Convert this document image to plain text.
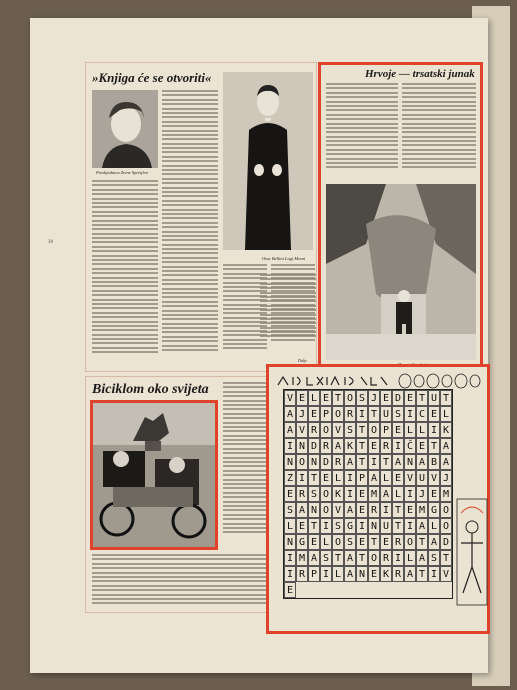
38
»Knjiga će se otvoriti«
Predsjednica Zeine Spreijlen
Otac Bellini Lugi Monti
Dalje
Hrvoje — trsatski junak
Biciklom oko svijeta
V E L E T O S J E D E T U T
A J E P O R I T U S I C E L
A V R O V S T O P E L L I K
I N D R A K T E R I Č E T A
N O N D R A T I T A N A B A
Z I T E L I P A L E V U V J
E R S O K I E M A L I J E M
S A N O V A E R I T E M G O
L E T I S G I N U T I A L O
N G E L O S E T E R O T A D
I M A S T A T O R I L A S T
I R P I L A N E K R A T I V
E
